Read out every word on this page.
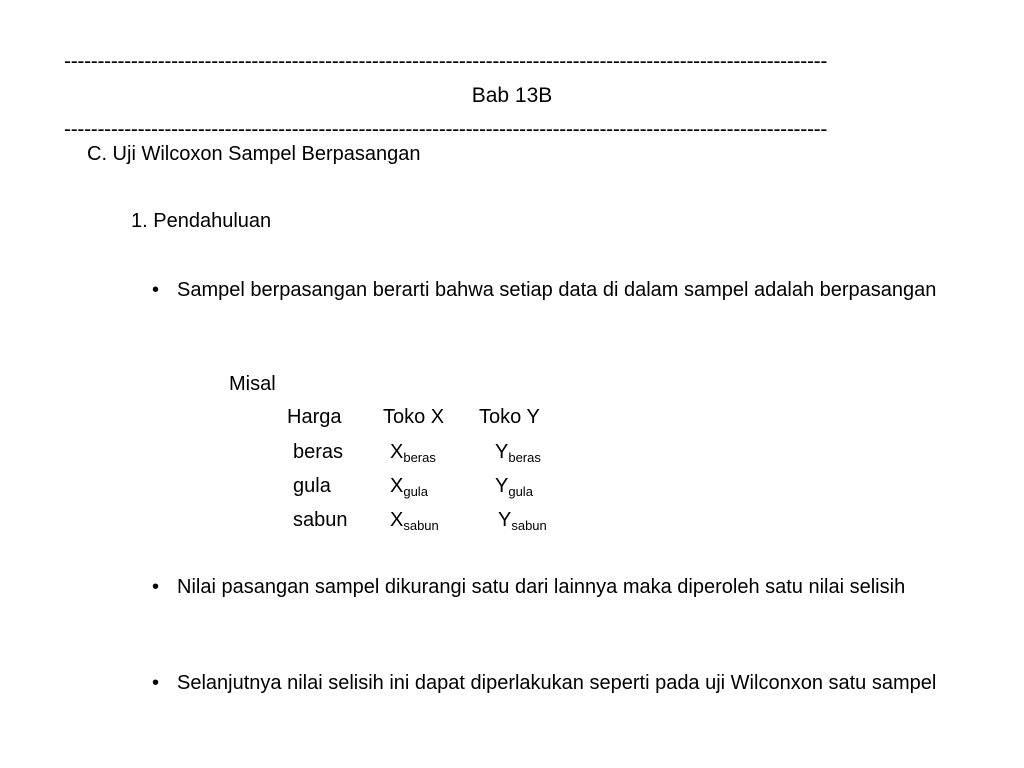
------------------------------------------------------------------------------------------------------------------
Bab 13B
------------------------------------------------------------------------------------------------------------------
C. Uji Wilcoxon Sampel Berpasangan
1. Pendahuluan
• Sampel berpasangan berarti bahwa setiap data di dalam sampel adalah berpasangan
Misal
Harga Toko X Toko Y
beras $X_{beras}$	$Y_{beras}$
gula	$X_{gula}$	$Y_{gula}$
sabun $X_{sabun}$	$Y_{sabun}$
• Nilai pasangan sampel dikurangi satu dari lainnya maka diperoleh satu nilai selisih
• Selanjutnya nilai selisih ini dapat diperlakukan seperti pada uji Wilconxon satu sampel
